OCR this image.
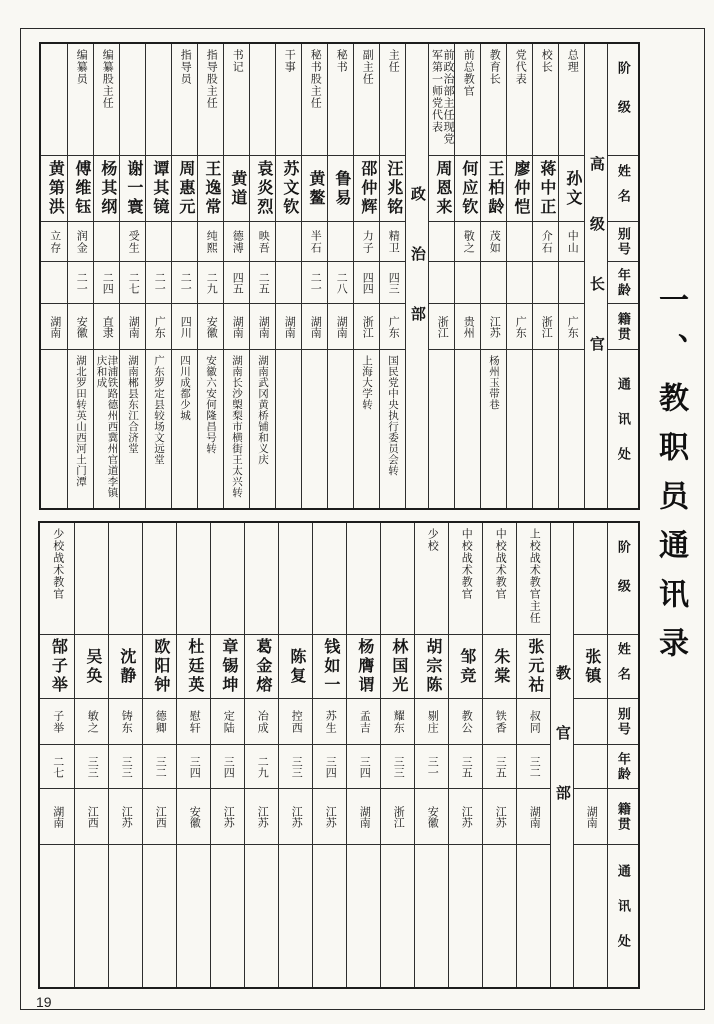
一、教职员通讯录
阶级
姓名
别号
年龄
籍贯
通讯处
高级长官
总理
孙文
中山
广东
校长
蒋中正
介石
浙江
党代表
廖仲恺
广东
教育长
王柏龄
茂如
江苏
杨州玉带巷
前总教官
何应钦
敬之
贵州
前政治部主任现党军第一师党代表
周恩来
浙江
政治部
主任
汪兆铭
精卫
四三
广东
国民党中央执行委员会转
副主任
邵仲辉
力子
四四
浙江
上海大学转
秘书
鲁易
二八
湖南
秘书股主任
黄鳌
半石
二一
湖南
干事
苏文钦
湖南
袁炎烈
映吾
二五
湖南
湖南武冈黄桥铺和义庆
书记
黄道
德溥
四五
湖南
湖南长沙㮾梨市横街王太兴转
指导股主任
王逸常
纯熙
二九
安徽
安徽六安何隆昌号转
指导员
周惠元
二一
四川
四川成都少城
谭其镜
二一
广东
广东罗定县较场文远堂
谢一寰
受生
二七
湖南
湖南郴县东江合济堂
编纂股主任
杨其纲
二四
直隶
津浦铁路德州西冀州官道李镇庆和成
编纂员
傅维钰
润金
二一
安徽
湖北罗田转英山西河土门潭
黄第洪
立存
湖南
阶级
姓名
别号
年龄
籍贯
通讯处
张镇
湖南
教官部
上校战术教官主任
张元祜
叔同
三二
湖南
中校战术教官
朱棠
铁香
三五
江苏
中校战术教官
邹竞
教公
三五
江苏
少校
胡宗陈
剔庄
三一
安徽
林国光
耀东
三三
浙江
杨膺谓
孟吉
三四
湖南
钱如一
苏生
三四
江苏
陈复
控西
三三
江苏
葛金熔
冶成
二九
江苏
章锡坤
定陆
三四
江苏
杜廷英
慰轩
三四
安徽
欧阳钟
德卿
三二
江西
沈静
铸东
三三
江苏
吴奂
敏之
三三
江西
少校战术教官
郜子举
子举
二七
湖南
19
